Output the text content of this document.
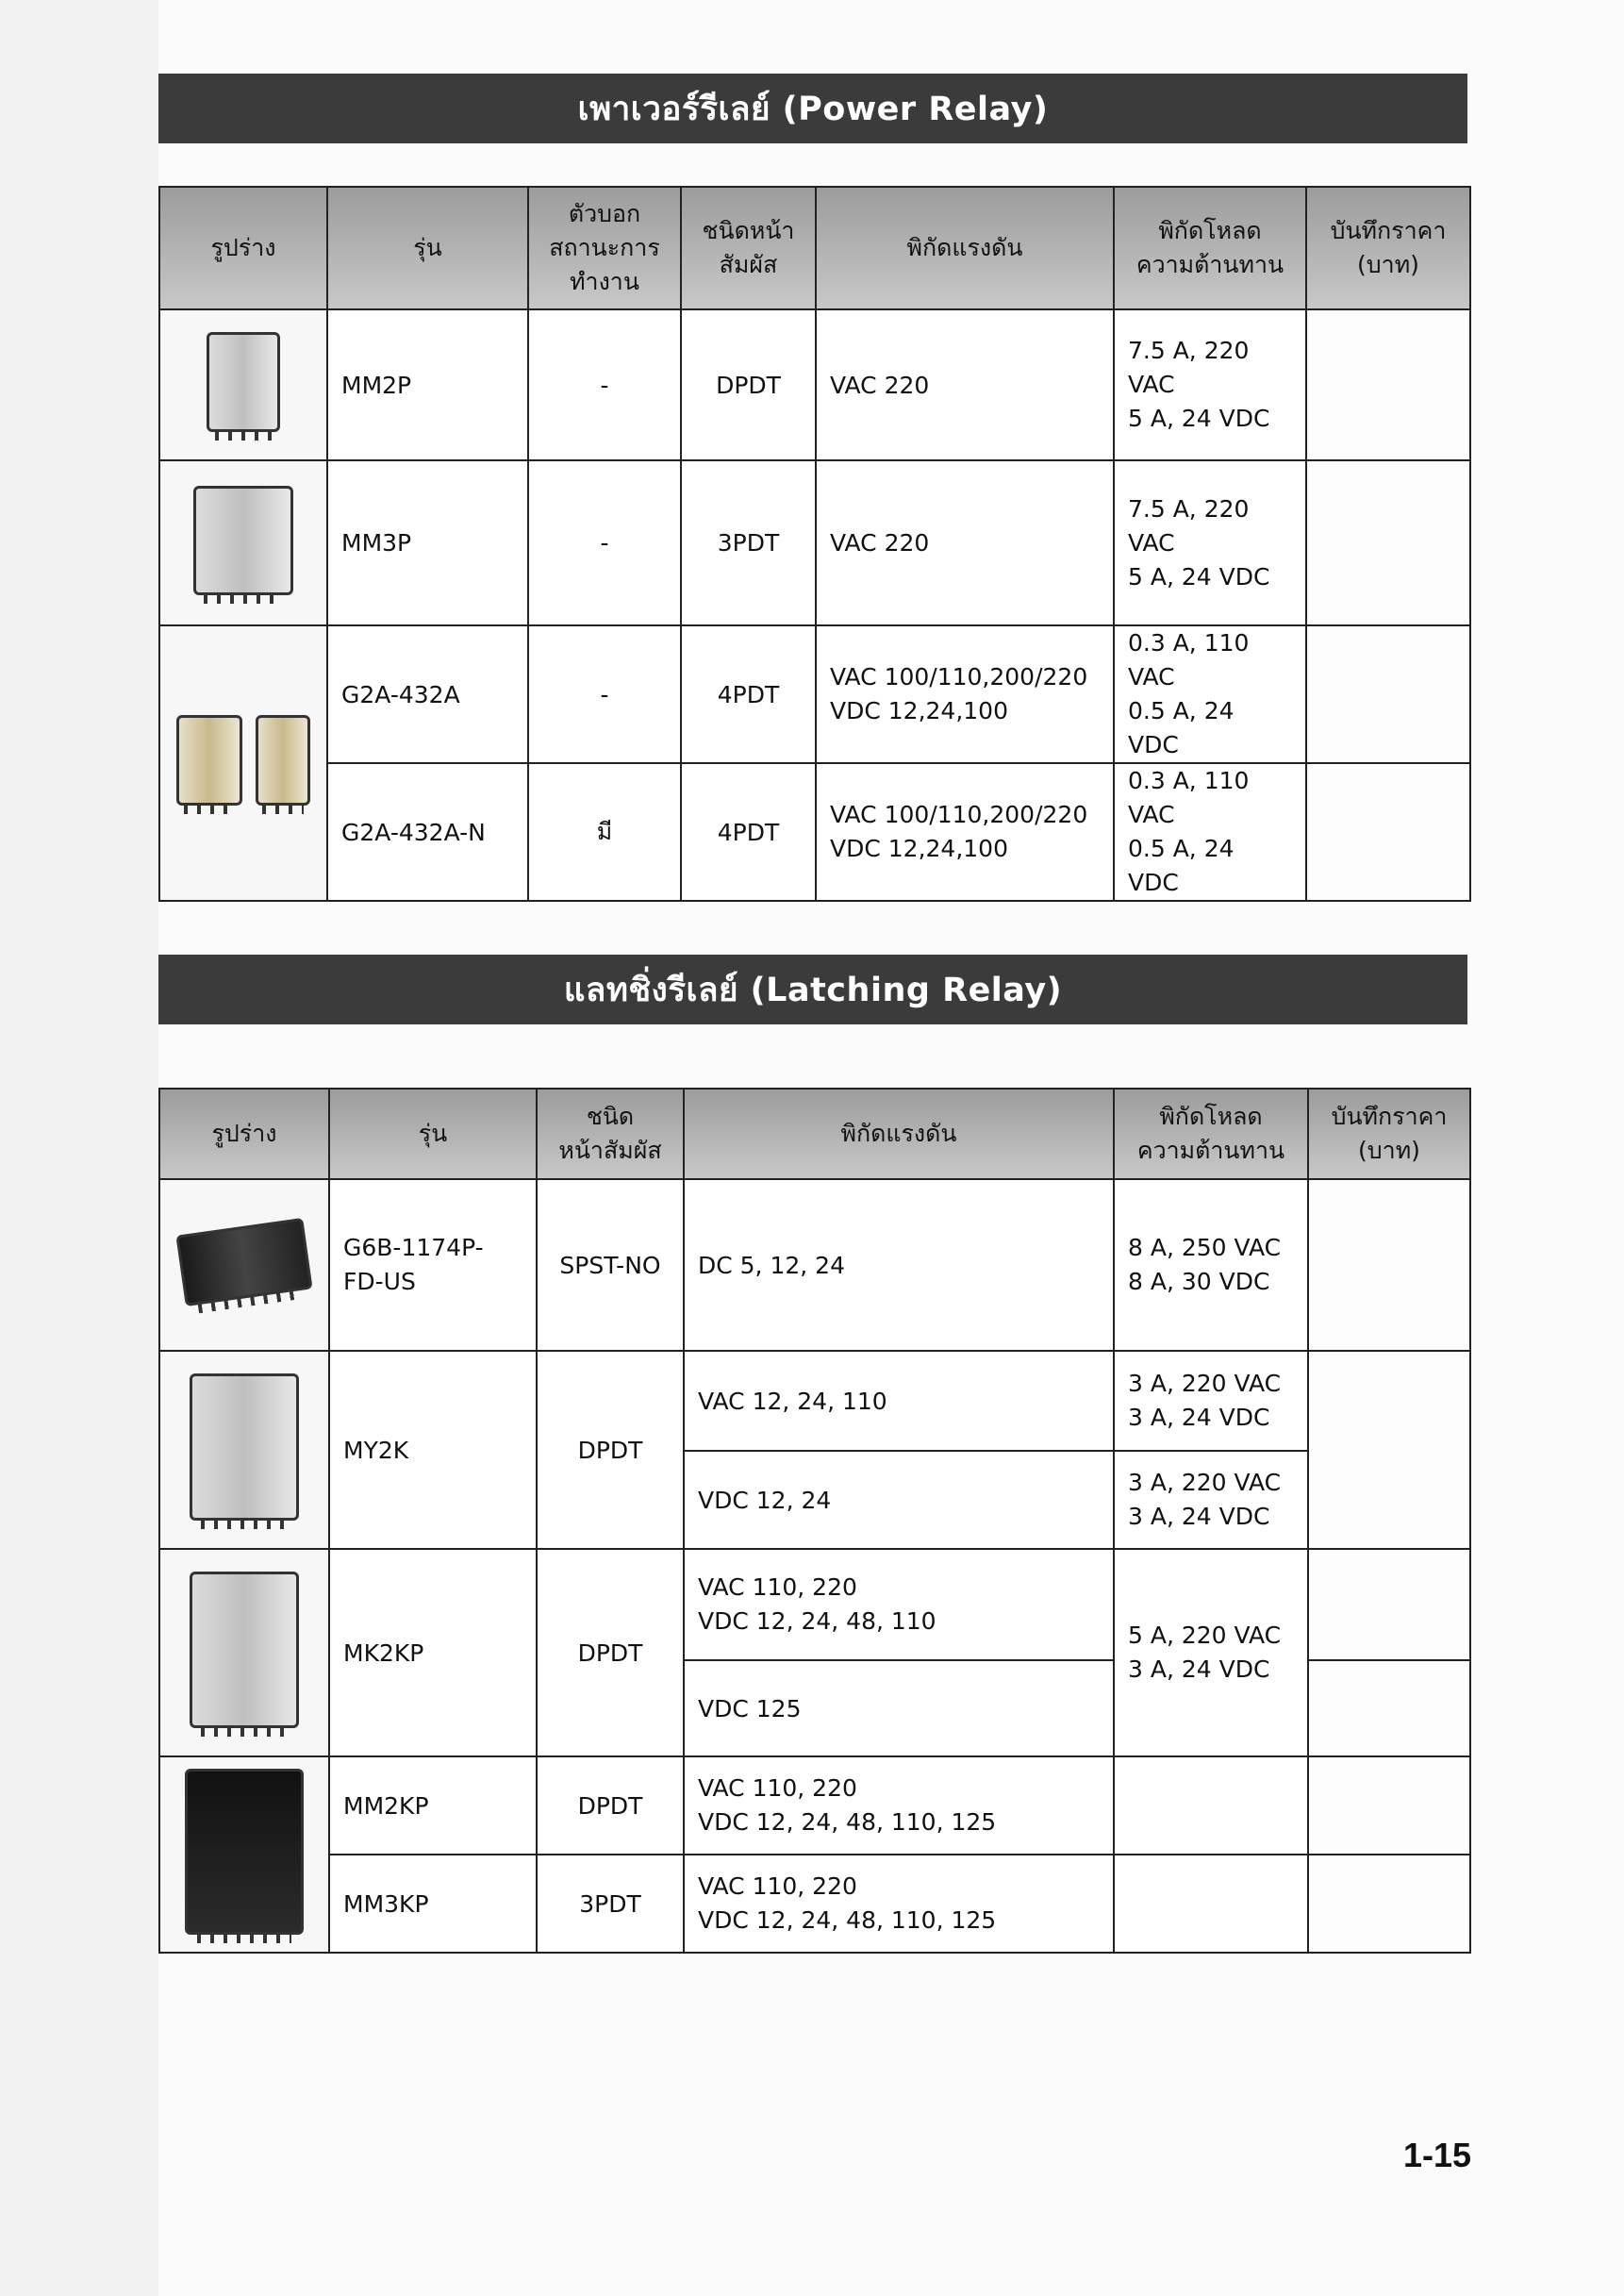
เพาเวอร์รีเลย์ (Power Relay)
รูปร่าง	รุ่น	ตัวบอก
สถานะการ
ทำงาน	ชนิดหน้า
สัมผัส	พิกัดแรงดัน	พิกัดโหลด
ความต้านทาน	บันทึกราคา
(บาท)

	MM2P	-	DPDT	VAC 220	7.5 A, 220 VAC
5 A, 24 VDC	

	MM3P	-	3PDT	VAC 220	7.5 A, 220 VAC
5 A, 24 VDC	

	G2A-432A	-	4PDT	VAC 100/110,200/220
VDC 12,24,100	0.3 A, 110 VAC
0.5 A, 24 VDC	

	G2A-432A-N	มี	4PDT	VAC 100/110,200/220
VDC 12,24,100	0.3 A, 110 VAC
0.5 A, 24 VDC	

แลทชิ่งรีเลย์ (Latching Relay)
รูปร่าง	รุ่น	ชนิด
หน้าสัมผัส	พิกัดแรงดัน	พิกัดโหลด
ความต้านทาน	บันทึกราคา
(บาท)

	G6B-1174P-
FD-US	SPST-NO	DC 5, 12, 24	8 A, 250 VAC
8 A, 30 VDC	

	MY2K	DPDT	VAC 12, 24, 110	3 A, 220 VAC
3 A, 24 VDC	

			VDC 12, 24	3 A, 220 VAC
3 A, 24 VDC	

	MK2KP	DPDT	VAC 110, 220
VDC 12, 24, 48, 110	5 A, 220 VAC
3 A, 24 VDC	

			VDC 125		
	MM2KP	DPDT	VAC 110, 220
VDC 12, 24, 48, 110, 125		

	MM3KP	3PDT	VAC 110, 220
VDC 12, 24, 48, 110, 125		

1-15
